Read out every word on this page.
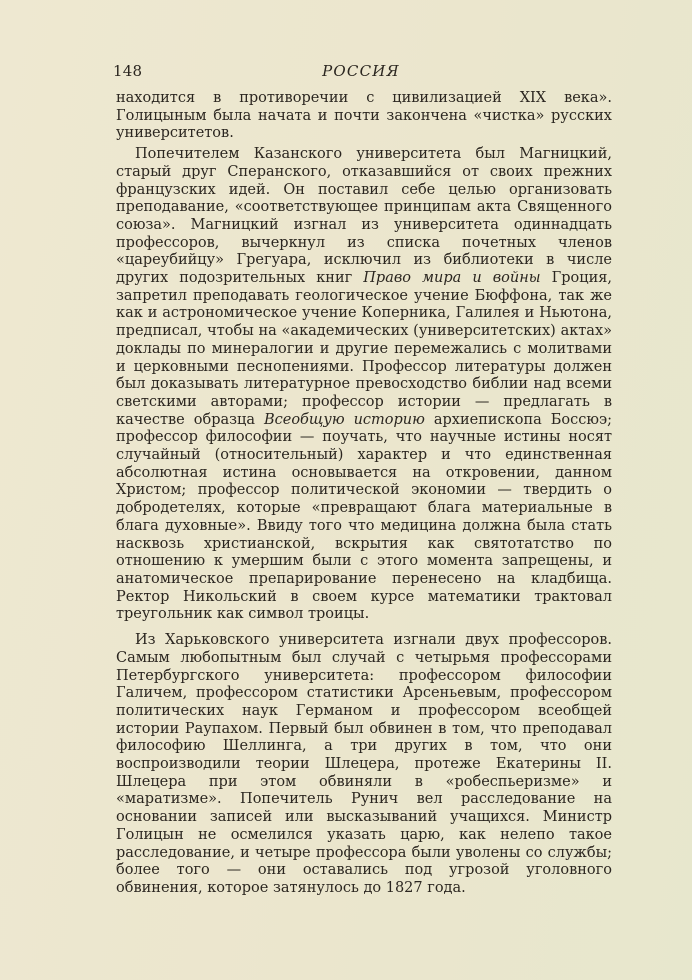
148	РОССИЯ

находится в противоречии с цивилизацией XIX века». Голицыным была начата и почти закончена «чистка» русских университетов.

Попечителем Казанского университета был Магницкий, старый друг Сперанского, отказавшийся от своих прежних французских идей. Он поставил себе целью организовать преподавание, «соответствующее принципам акта Священного союза». Магницкий изгнал из университета одиннадцать профессоров, вычеркнул из списка почетных членов «цареубийцу» Грегуара, исключил из библиотеки в числе других подозрительных книг Право мира и войны Гроция, запретил преподавать геологическое учение Бюффона, так же как и астрономическое учение Коперника, Галилея и Ньютона, предписал, чтобы на «академических (университетских) актах» доклады по минералогии и другие перемежались с молитвами и церковными песнопениями. Профессор литературы должен был доказывать литературное превосходство библии над всеми светскими авторами; профессор истории — предлагать в качестве образца Всеобщую историю архиепископа Боссюэ; профессор философии — поучать, что научные истины носят случайный (относительный) характер и что единственная абсолютная истина основывается на откровении, данном Христом; профессор политической экономии — твердить о добродетелях, которые «превращают блага материальные в блага духовные». Ввиду того что медицина должна была стать насквозь христианской, вскрытия как святотатство по отношению к умершим были с этого момента запрещены, и анатомическое препарирование перенесено на кладбища. Ректор Никольский в своем курсе математики трактовал треугольник как символ троицы.

Из Харьковского университета изгнали двух профессоров. Самым любопытным был случай с четырьмя профессорами Петербургского университета: профессором философии Галичем, профессором статистики Арсеньевым, профессором политических наук Германом и профессором всеобщей истории Раупахом. Первый был обвинен в том, что преподавал философию Шеллинга, а три других в том, что они воспроизводили теории Шлецера, протеже Екатерины II. Шлецера при этом обвиняли в «робеспьеризме» и «маратизме». Попечитель Рунич вел расследование на основании записей или высказываний учащихся. Министр Голицын не осмелился указать царю, как нелепо такое расследование, и четыре профессора были уволены со службы; более того — они оставались под угрозой уголовного обвинения, которое затянулось до 1827 года.
